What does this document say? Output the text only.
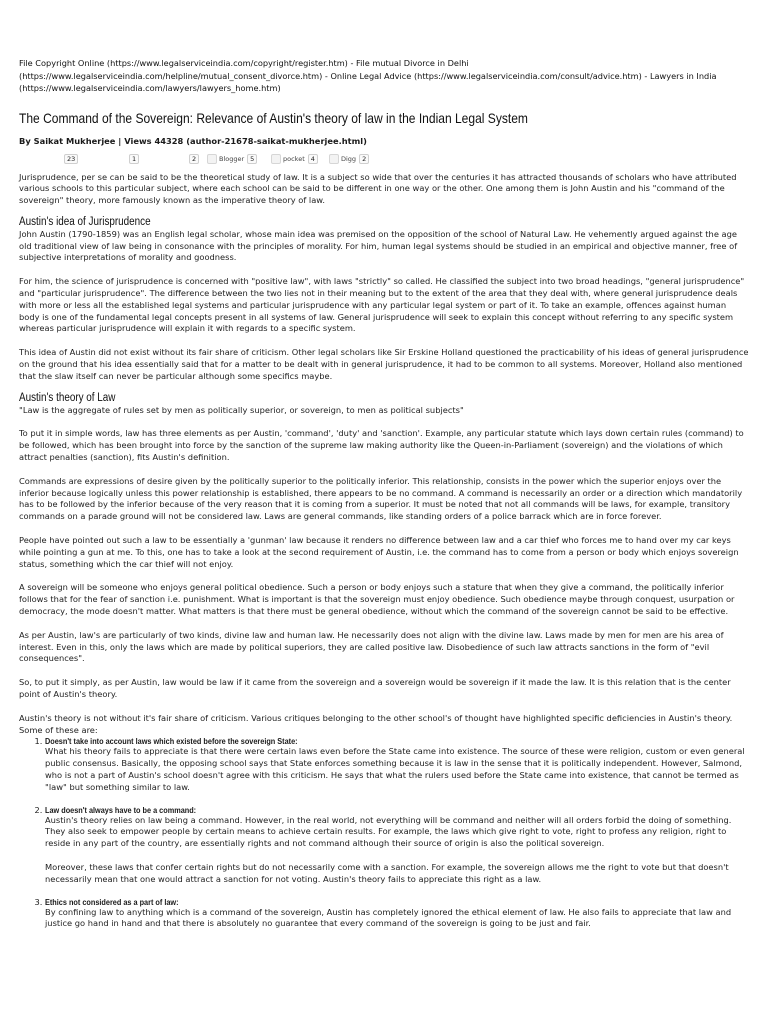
File Copyright Online (https://www.legalserviceindia.com/copyright/register.htm) - File mutual Divorce in Delhi (https://www.legalserviceindia.com/helpline/mutual_consent_divorce.htm) - Online Legal Advice (https://www.legalserviceindia.com/consult/advice.htm) - Lawyers in India (https://www.legalserviceindia.com/lawyers/lawyers_home.htm)

The Command of the Sovereign: Relevance of Austin's theory of law in the Indian Legal System

By Saikat Mukherjee | Views 44328 (author-21678-saikat-mukherjee.html)

23	1	2	Blogger 5	pocket 4	Digg 2

Jurisprudence, per se can be said to be the theoretical study of law. It is a subject so wide that over the centuries it has attracted thousands of scholars who have attributed various schools to this particular subject, where each school can be said to be different in one way or the other. One among them is John Austin and his "command of the sovereign" theory, more famously known as the imperative theory of law.

Austin's idea of Jurisprudence

John Austin (1790-1859) was an English legal scholar, whose main idea was premised on the opposition of the school of Natural Law. He vehemently argued against the age old traditional view of law being in consonance with the principles of morality. For him, human legal systems should be studied in an empirical and objective manner, free of subjective interpretations of morality and goodness.

For him, the science of jurisprudence is concerned with "positive law", with laws "strictly" so called. He classified the subject into two broad headings, "general jurisprudence" and "particular jurisprudence". The difference between the two lies not in their meaning but to the extent of the area that they deal with, where general jurisprudence deals with more or less all the established legal systems and particular jurisprudence with any particular legal system or part of it. To take an example, offences against human body is one of the fundamental legal concepts present in all systems of law. General jurisprudence will seek to explain this concept without referring to any specific system whereas particular jurisprudence will explain it with regards to a specific system.

This idea of Austin did not exist without its fair share of criticism. Other legal scholars like Sir Erskine Holland questioned the practicability of his ideas of general jurisprudence on the ground that his idea essentially said that for a matter to be dealt with in general jurisprudence, it had to be common to all systems. Moreover, Holland also mentioned that the slaw itself can never be particular although some specifics maybe.

Austin's theory of Law

"Law is the aggregate of rules set by men as politically superior, or sovereign, to men as political subjects"

To put it in simple words, law has three elements as per Austin, 'command', 'duty' and 'sanction'. Example, any particular statute which lays down certain rules (command) to be followed, which has been brought into force by the sanction of the supreme law making authority like the Queen-in-Parliament (sovereign) and the violations of which attract penalties (sanction), fits Austin's definition.

Commands are expressions of desire given by the politically superior to the politically inferior. This relationship, consists in the power which the superior enjoys over the inferior because logically unless this power relationship is established, there appears to be no command. A command is necessarily an order or a direction which mandatorily has to be followed by the inferior because of the very reason that it is coming from a superior. It must be noted that not all commands will be laws, for example, transitory commands on a parade ground will not be considered law. Laws are general commands, like standing orders of a police barrack which are in force forever.

People have pointed out such a law to be essentially a 'gunman' law because it renders no difference between law and a car thief who forces me to hand over my car keys while pointing a gun at me. To this, one has to take a look at the second requirement of Austin, i.e. the command has to come from a person or body which enjoys sovereign status, something which the car thief will not enjoy.

A sovereign will be someone who enjoys general political obedience. Such a person or body enjoys such a stature that when they give a command, the politically inferior follows that for the fear of sanction i.e. punishment. What is important is that the sovereign must enjoy obedience. Such obedience maybe through conquest, usurpation or democracy, the mode doesn't matter. What matters is that there must be general obedience, without which the command of the sovereign cannot be said to be effective.

As per Austin, law's are particularly of two kinds, divine law and human law. He necessarily does not align with the divine law. Laws made by men for men are his area of interest. Even in this, only the laws which are made by political superiors, they are called positive law. Disobedience of such law attracts sanctions in the form of "evil consequences".

So, to put it simply, as per Austin, law would be law if it came from the sovereign and a sovereign would be sovereign if it made the law. It is this relation that is the center point of Austin's theory.

Austin's theory is not without it's fair share of criticism. Various critiques belonging to the other school's of thought have highlighted specific deficiencies in Austin's theory.

Some of these are:

1. Doesn't take into account laws which existed before the sovereign State:

What his theory fails to appreciate is that there were certain laws even before the State came into existence. The source of these were religion, custom or even general public consensus. Basically, the opposing school says that State enforces something because it is law in the sense that it is politically independent. However, Salmond, who is not a part of Austin's school doesn't agree with this criticism. He says that what the rulers used before the State came into existence, that cannot be termed as "law" but something similar to law.

2. Law doesn't always have to be a command:

Austin's theory relies on law being a command. However, in the real world, not everything will be command and neither will all orders forbid the doing of something. They also seek to empower people by certain means to achieve certain results. For example, the laws which give right to vote, right to profess any religion, right to reside in any part of the country, are essentially rights and not command although their source of origin is also the political sovereign.

Moreover, these laws that confer certain rights but do not necessarily come with a sanction. For example, the sovereign allows me the right to vote but that doesn't necessarily mean that one would attract a sanction for not voting. Austin's theory fails to appreciate this right as a law.

3. Ethics not considered as a part of law:

By confining law to anything which is a command of the sovereign, Austin has completely ignored the ethical element of law. He also fails to appreciate that law and justice go hand in hand and that there is absolutely no guarantee that every command of the sovereign is going to be just and fair.
